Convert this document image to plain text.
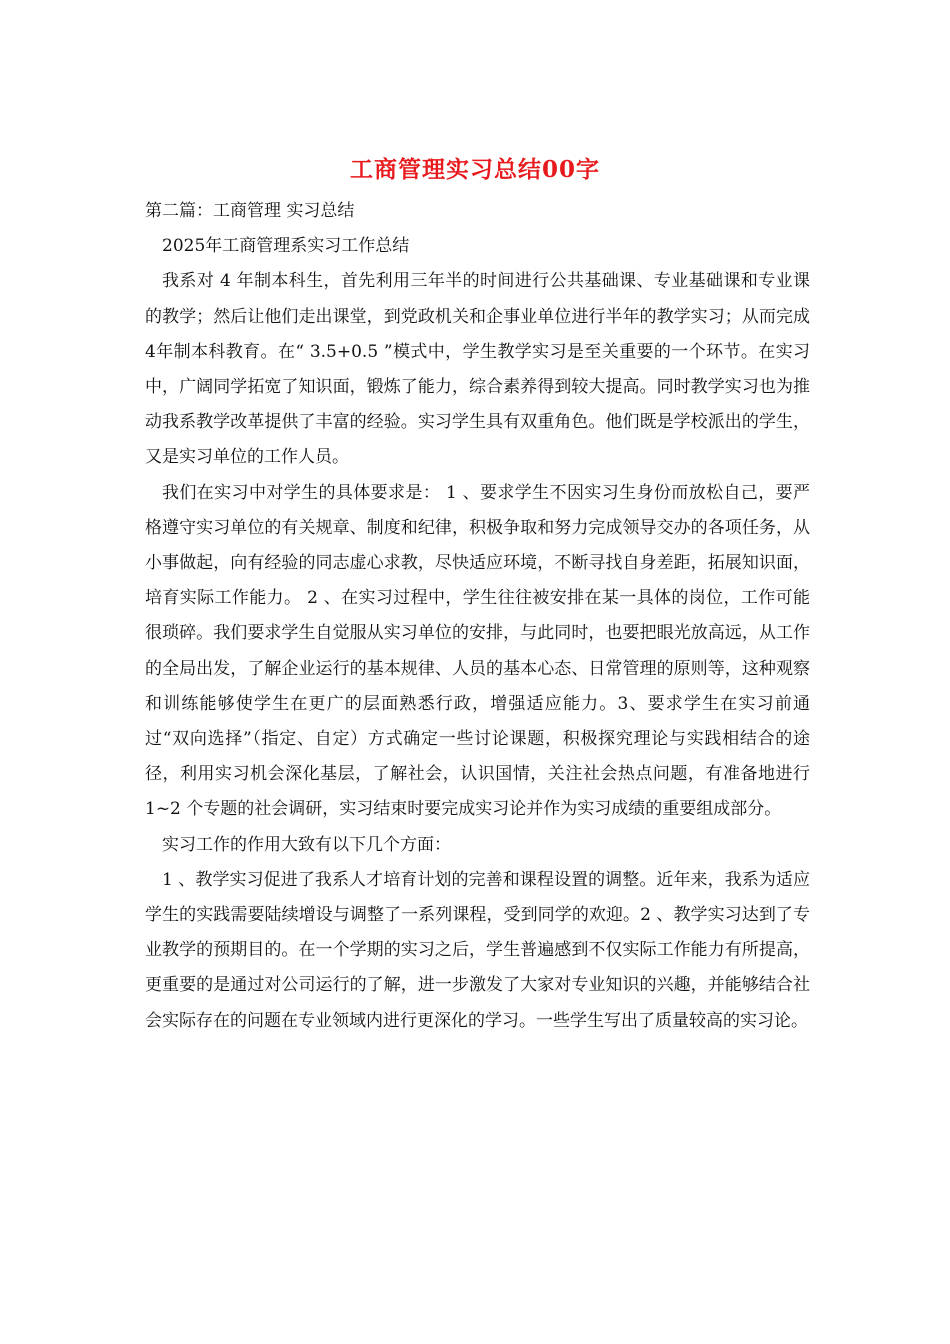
工商管理实习总结00字

第二篇：工商管理 实习总结

2025年工商管理系实习工作总结

我系对 4 年制本科生，首先利用三年半的时间进行公共基础课、专业基础课和专业课的教学；然后让他们走出课堂，到党政机关和企事业单位进行半年的教学实习；从而完成4年制本科教育。在“ 3.5+0.5 ”模式中，学生教学实习是至关重要的一个环节。在实习中，广阔同学拓宽了知识面，锻炼了能力，综合素养得到较大提高。同时教学实习也为推动我系教学改革提供了丰富的经验。实习学生具有双重角色。他们既是学校派出的学生，又是实习单位的工作人员。

我们在实习中对学生的具体要求是： 1 、要求学生不因实习生身份而放松自己，要严格遵守实习单位的有关规章、制度和纪律，积极争取和努力完成领导交办的各项任务，从小事做起，向有经验的同志虚心求教，尽快适应环境，不断寻找自身差距，拓展知识面，培育实际工作能力。 2 、在实习过程中，学生往往被安排在某一具体的岗位，工作可能很琐碎。我们要求学生自觉服从实习单位的安排，与此同时，也要把眼光放高远，从工作的全局出发，了解企业运行的基本规律、人员的基本心态、日常管理的原则等，这种观察和训练能够使学生在更广的层面熟悉行政，增强适应能力。3、要求学生在实习前通过“双向选择”（指定、自定）方式确定一些讨论课题，积极探究理论与实践相结合的途径，利用实习机会深化基层，了解社会，认识国情，关注社会热点问题，有准备地进行 1~2 个专题的社会调研，实习结束时要完成实习论并作为实习成绩的重要组成部分。

实习工作的作用大致有以下几个方面：

1 、教学实习促进了我系人才培育计划的完善和课程设置的调整。近年来，我系为适应学生的实践需要陆续增设与调整了一系列课程，受到同学的欢迎。2 、教学实习达到了专业教学的预期目的。在一个学期的实习之后，学生普遍感到不仅实际工作能力有所提高，更重要的是通过对公司运行的了解，进一步激发了大家对专业知识的兴趣，并能够结合社会实际存在的问题在专业领域内进行更深化的学习。一些学生写出了质量较高的实习论。
